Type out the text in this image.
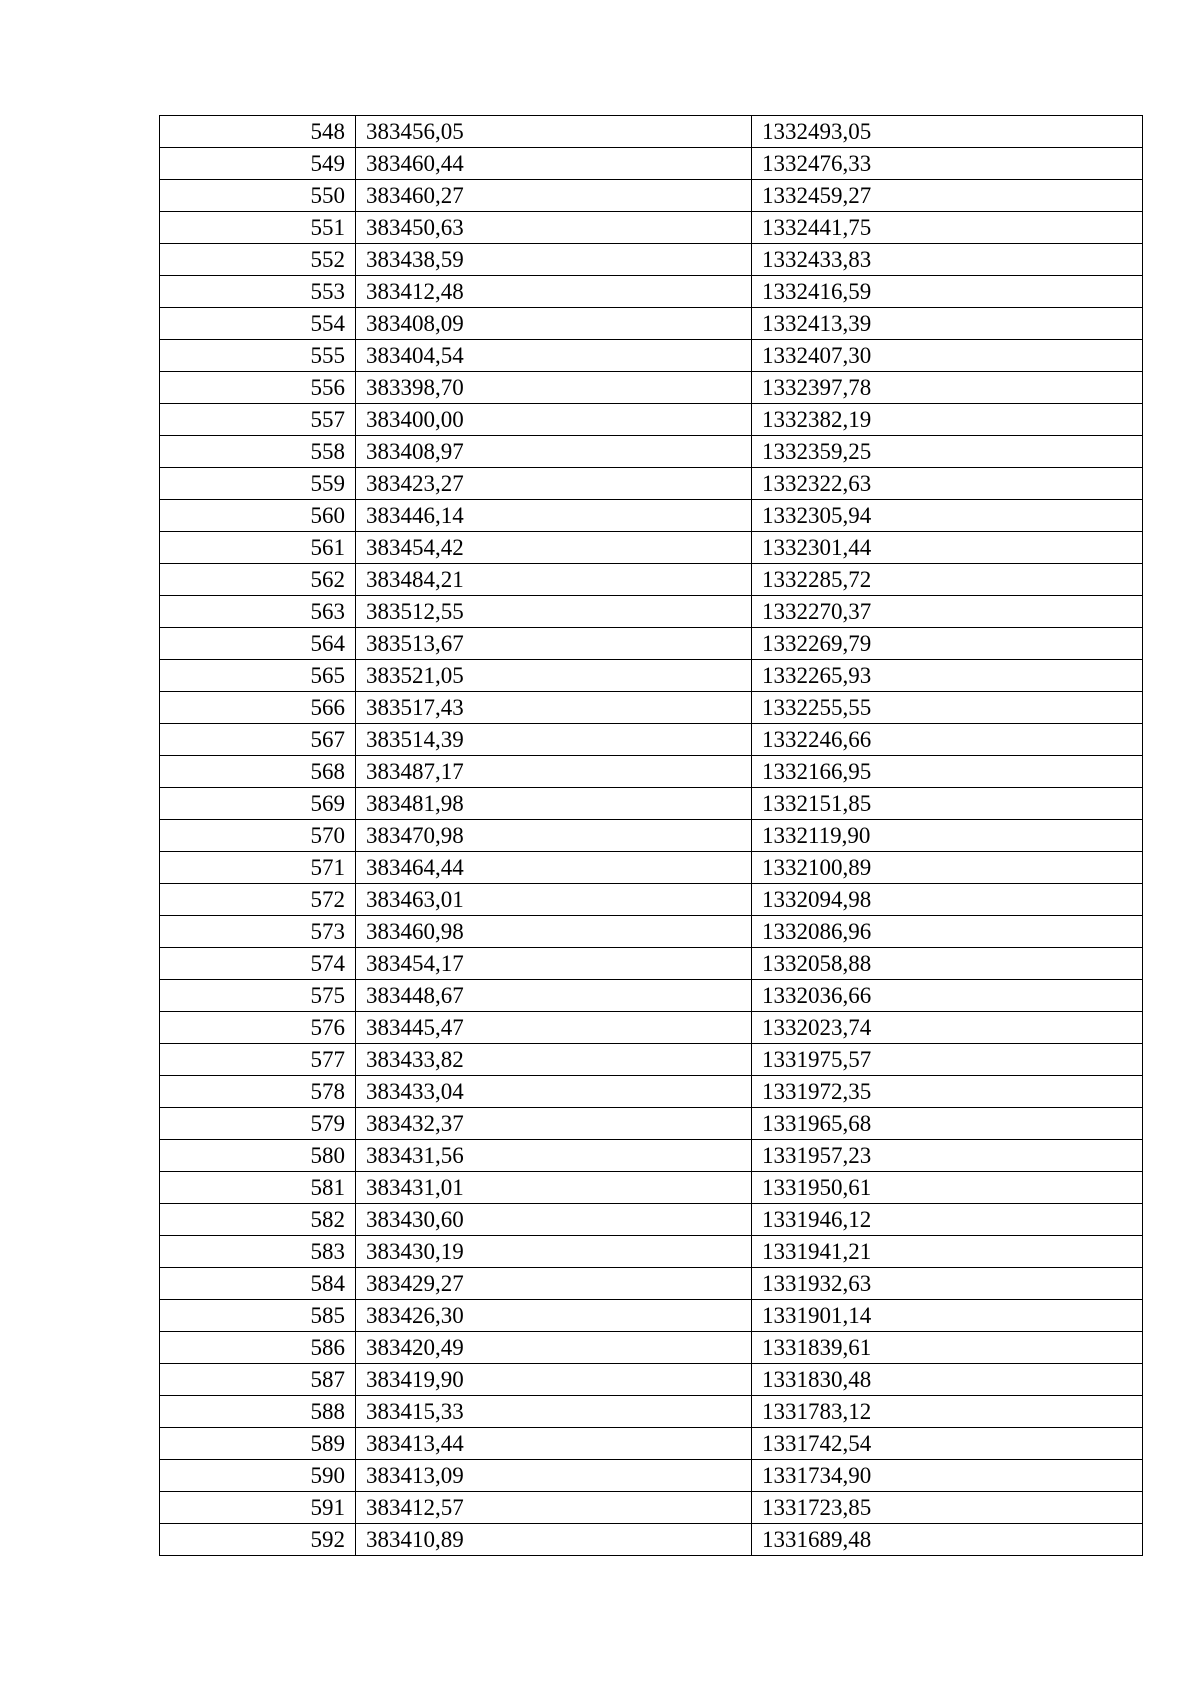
548	383456,05	1332493,05
549	383460,44	1332476,33
550	383460,27	1332459,27
551	383450,63	1332441,75
552	383438,59	1332433,83
553	383412,48	1332416,59
554	383408,09	1332413,39
555	383404,54	1332407,30
556	383398,70	1332397,78
557	383400,00	1332382,19
558	383408,97	1332359,25
559	383423,27	1332322,63
560	383446,14	1332305,94
561	383454,42	1332301,44
562	383484,21	1332285,72
563	383512,55	1332270,37
564	383513,67	1332269,79
565	383521,05	1332265,93
566	383517,43	1332255,55
567	383514,39	1332246,66
568	383487,17	1332166,95
569	383481,98	1332151,85
570	383470,98	1332119,90
571	383464,44	1332100,89
572	383463,01	1332094,98
573	383460,98	1332086,96
574	383454,17	1332058,88
575	383448,67	1332036,66
576	383445,47	1332023,74
577	383433,82	1331975,57
578	383433,04	1331972,35
579	383432,37	1331965,68
580	383431,56	1331957,23
581	383431,01	1331950,61
582	383430,60	1331946,12
583	383430,19	1331941,21
584	383429,27	1331932,63
585	383426,30	1331901,14
586	383420,49	1331839,61
587	383419,90	1331830,48
588	383415,33	1331783,12
589	383413,44	1331742,54
590	383413,09	1331734,90
591	383412,57	1331723,85
592	383410,89	1331689,48
